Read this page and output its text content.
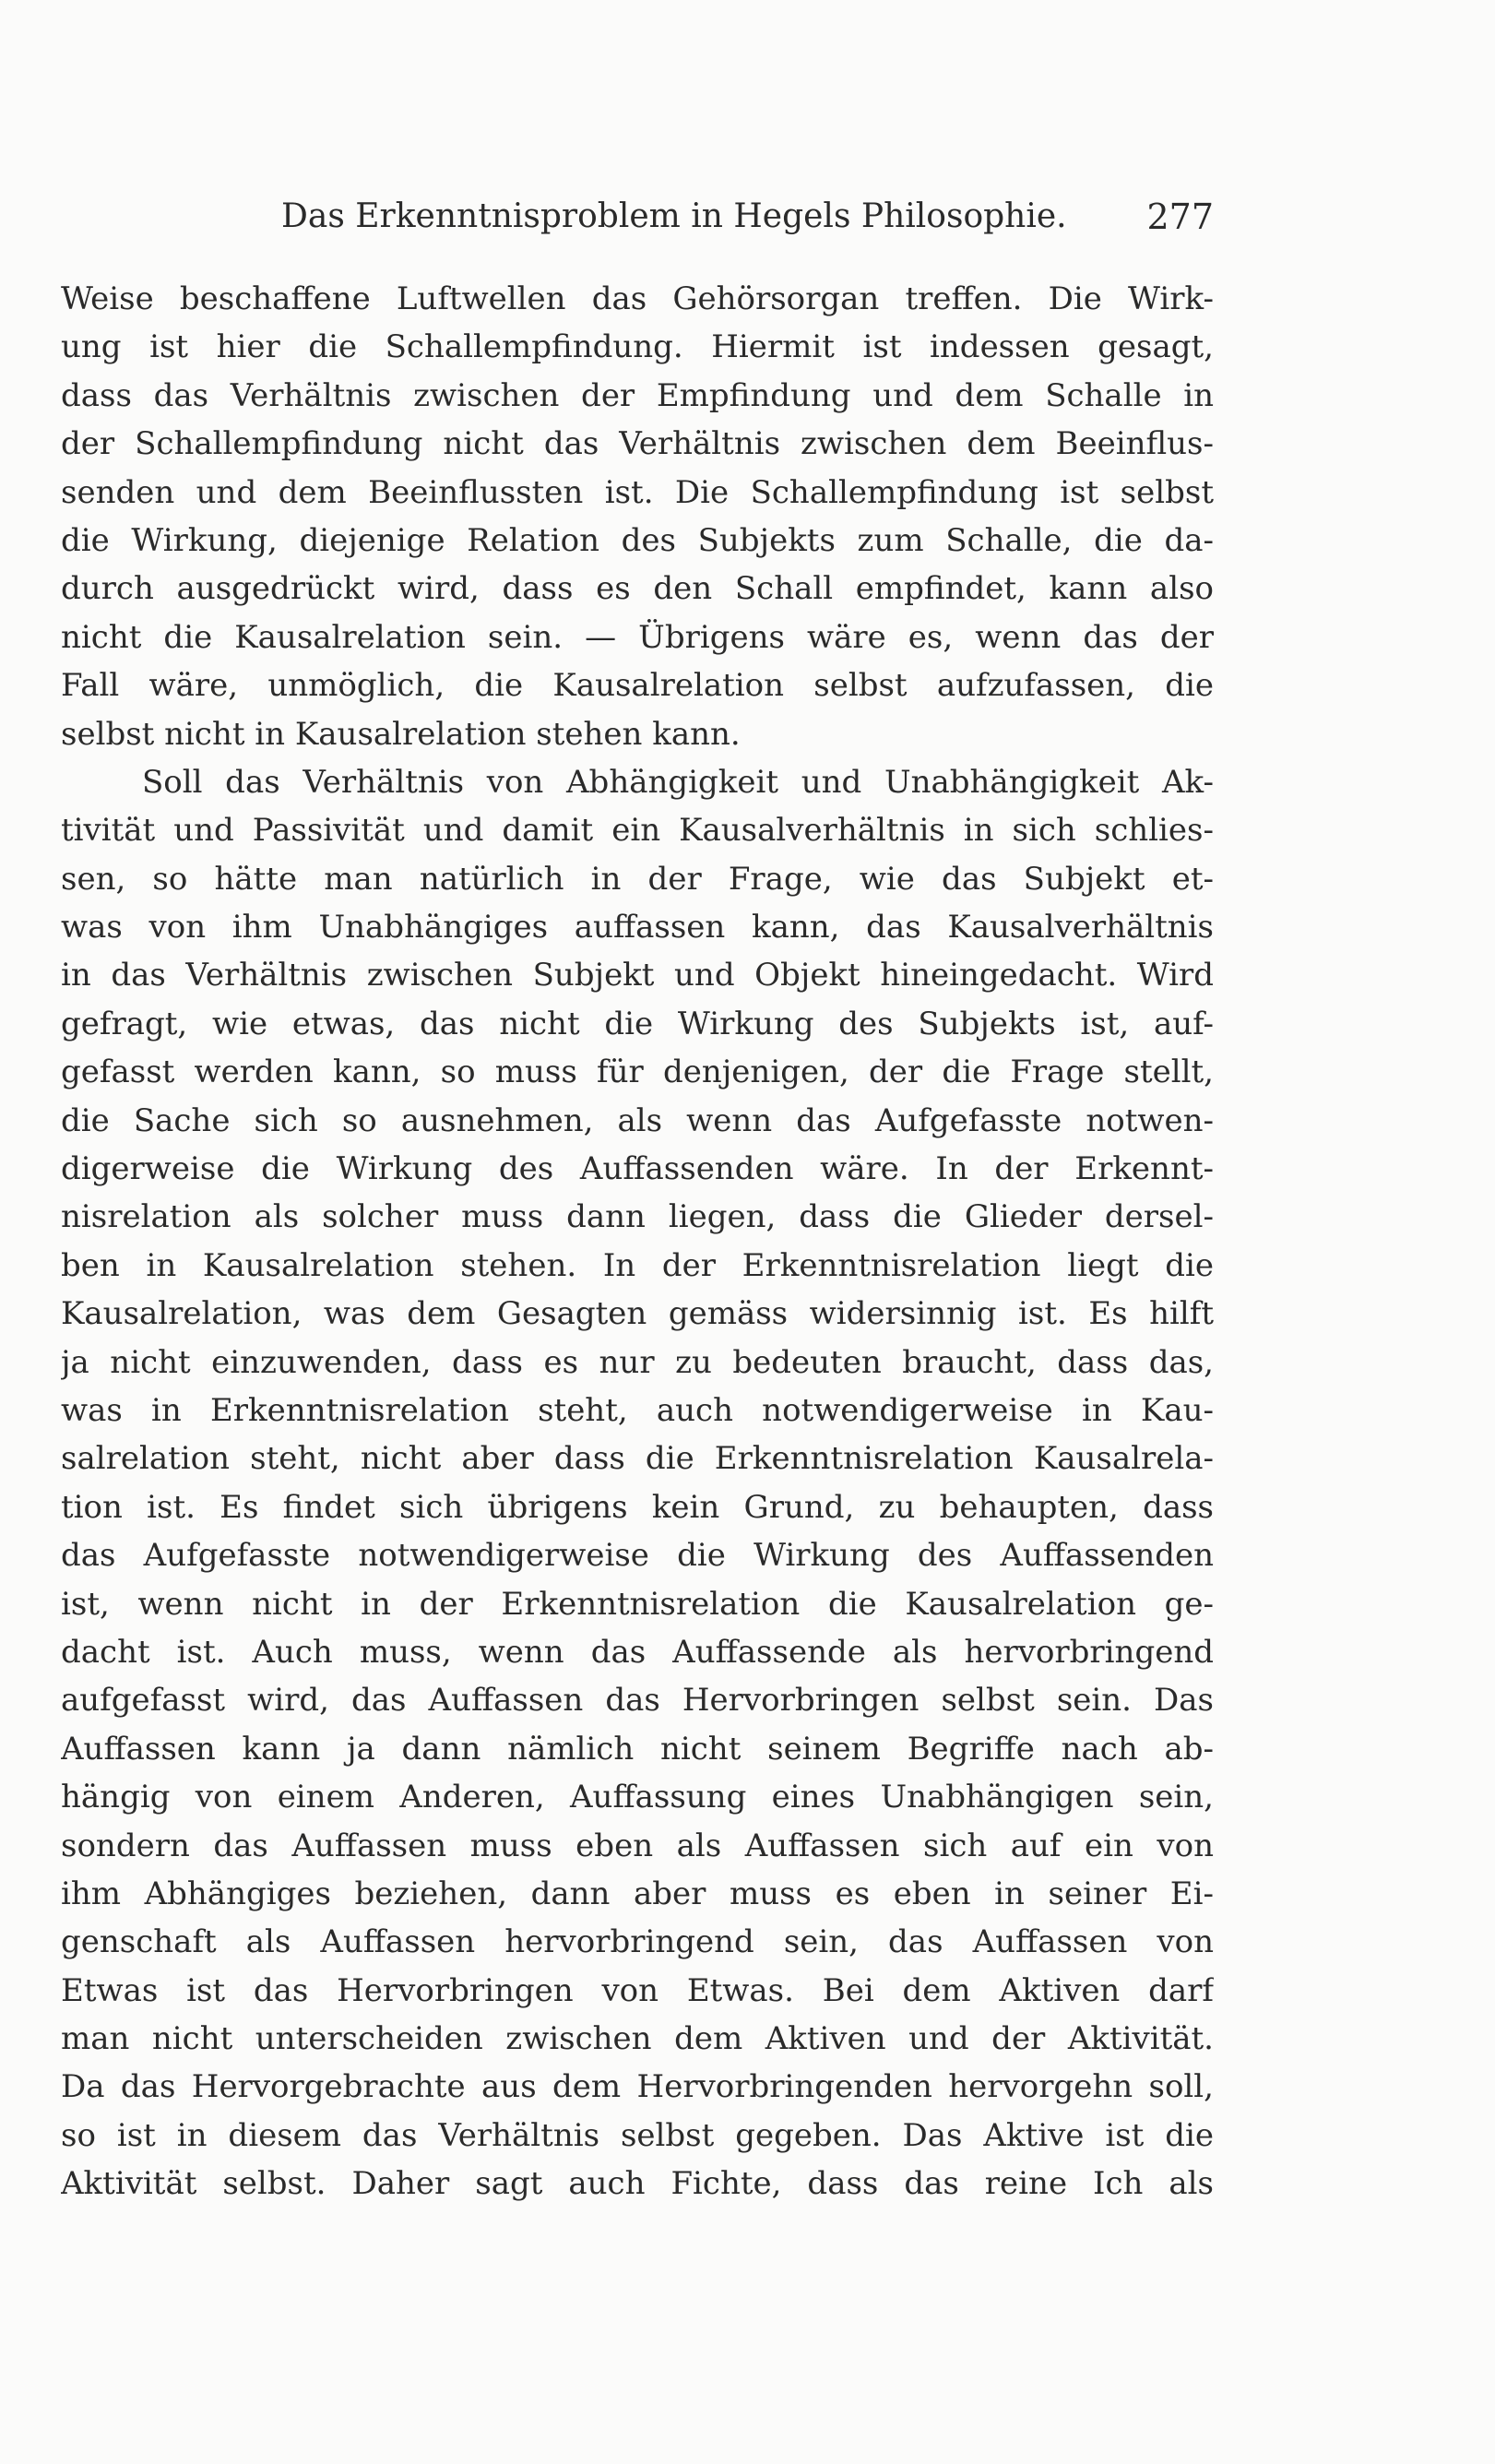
Das Erkenntnisproblem in Hegels Philosophie. 277
Weise beschaffene Luftwellen das Gehörsorgan treffen. Die Wirk-
ung ist hier die Schallempfindung. Hiermit ist indessen gesagt,
dass das Verhältnis zwischen der Empfindung und dem Schalle in
der Schallempfindung nicht das Verhältnis zwischen dem Beeinflus-
senden und dem Beeinflussten ist. Die Schallempfindung ist selbst
die Wirkung, diejenige Relation des Subjekts zum Schalle, die da-
durch ausgedrückt wird, dass es den Schall empfindet, kann also
nicht die Kausalrelation sein. — Übrigens wäre es, wenn das der
Fall wäre, unmöglich, die Kausalrelation selbst aufzufassen, die
selbst nicht in Kausalrelation stehen kann.
Soll das Verhältnis von Abhängigkeit und Unabhängigkeit Ak-
tivität und Passivität und damit ein Kausalverhältnis in sich schlies-
sen, so hätte man natürlich in der Frage, wie das Subjekt et-
was von ihm Unabhängiges auffassen kann, das Kausalverhältnis
in das Verhältnis zwischen Subjekt und Objekt hineingedacht. Wird
gefragt, wie etwas, das nicht die Wirkung des Subjekts ist, auf-
gefasst werden kann, so muss für denjenigen, der die Frage stellt,
die Sache sich so ausnehmen, als wenn das Aufgefasste notwen-
digerweise die Wirkung des Auffassenden wäre. In der Erkennt-
nisrelation als solcher muss dann liegen, dass die Glieder dersel-
ben in Kausalrelation stehen. In der Erkenntnisrelation liegt die
Kausalrelation, was dem Gesagten gemäss widersinnig ist. Es hilft
ja nicht einzuwenden, dass es nur zu bedeuten braucht, dass das,
was in Erkenntnisrelation steht, auch notwendigerweise in Kau-
salrelation steht, nicht aber dass die Erkenntnisrelation Kausalrela-
tion ist. Es findet sich übrigens kein Grund, zu behaupten, dass
das Aufgefasste notwendigerweise die Wirkung des Auffassenden
ist, wenn nicht in der Erkenntnisrelation die Kausalrelation ge-
dacht ist. Auch muss, wenn das Auffassende als hervorbringend
aufgefasst wird, das Auffassen das Hervorbringen selbst sein. Das
Auffassen kann ja dann nämlich nicht seinem Begriffe nach ab-
hängig von einem Anderen, Auffassung eines Unabhängigen sein,
sondern das Auffassen muss eben als Auffassen sich auf ein von
ihm Abhängiges beziehen, dann aber muss es eben in seiner Ei-
genschaft als Auffassen hervorbringend sein, das Auffassen von
Etwas ist das Hervorbringen von Etwas. Bei dem Aktiven darf
man nicht unterscheiden zwischen dem Aktiven und der Aktivität.
Da das Hervorgebrachte aus dem Hervorbringenden hervorgehn soll,
so ist in diesem das Verhältnis selbst gegeben. Das Aktive ist die
Aktivität selbst. Daher sagt auch Fichte, dass das reine Ich als
